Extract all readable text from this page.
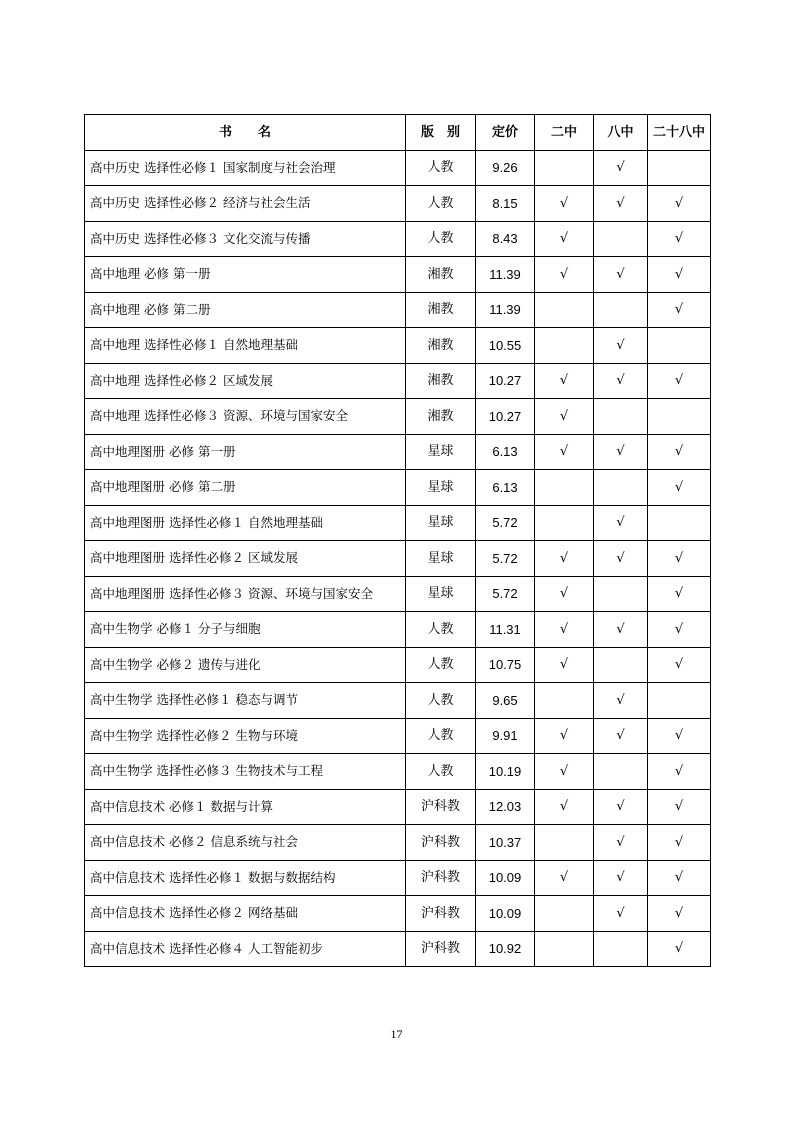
书　　名	版　别	定价	二中	八中	二十八中
高中历史 选择性必修１ 国家制度与社会治理	人教	9.26		√	
高中历史 选择性必修２ 经济与社会生活	人教	8.15	√	√	√
高中历史 选择性必修３ 文化交流与传播	人教	8.43	√		√
高中地理 必修 第一册	湘教	11.39	√	√	√
高中地理 必修 第二册	湘教	11.39			√
高中地理 选择性必修１ 自然地理基础	湘教	10.55		√	
高中地理 选择性必修２ 区域发展	湘教	10.27	√	√	√
高中地理 选择性必修３ 资源、环境与国家安全	湘教	10.27	√		
高中地理图册 必修 第一册	星球	6.13	√	√	√
高中地理图册 必修 第二册	星球	6.13			√
高中地理图册 选择性必修１ 自然地理基础	星球	5.72		√	
高中地理图册 选择性必修２ 区域发展	星球	5.72	√	√	√
高中地理图册 选择性必修３ 资源、环境与国家安全	星球	5.72	√		√
高中生物学 必修１ 分子与细胞	人教	11.31	√	√	√
高中生物学 必修２ 遗传与进化	人教	10.75	√		√
高中生物学 选择性必修１ 稳态与调节	人教	9.65		√	
高中生物学 选择性必修２ 生物与环境	人教	9.91	√	√	√
高中生物学 选择性必修３ 生物技术与工程	人教	10.19	√		√
高中信息技术 必修１ 数据与计算	沪科教	12.03	√	√	√
高中信息技术 必修２ 信息系统与社会	沪科教	10.37		√	√
高中信息技术 选择性必修１ 数据与数据结构	沪科教	10.09	√	√	√
高中信息技术 选择性必修２ 网络基础	沪科教	10.09		√	√
高中信息技术 选择性必修４ 人工智能初步	沪科教	10.92			√
17
